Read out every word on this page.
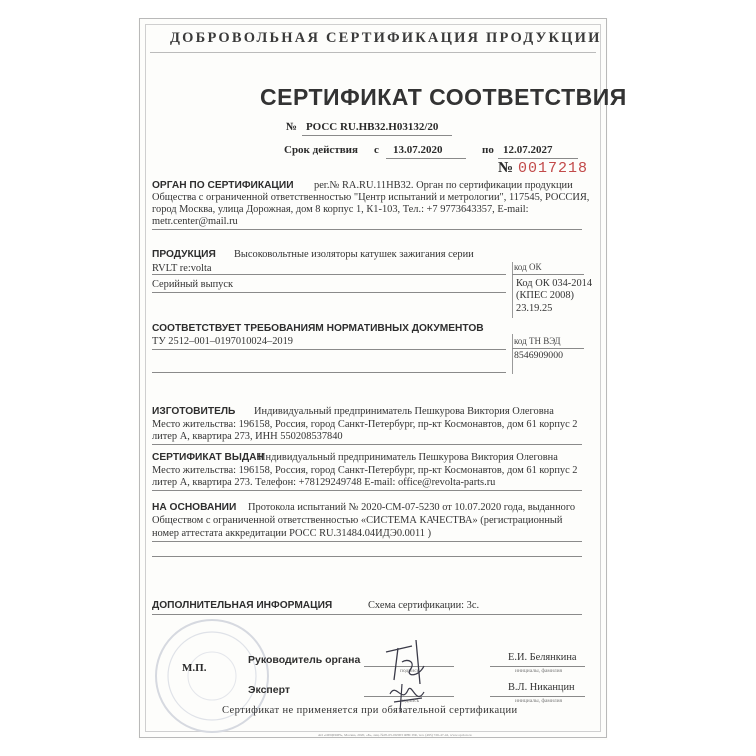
ДОБРОВОЛЬНАЯ СЕРТИФИКАЦИЯ ПРОДУКЦИИ
СЕРТИФИКАТ СООТВЕТСТВИЯ
№ РОСС RU.НВ32.Н03132/20
Срок действия с 13.07.2020	по 12.07.2027
№ 0017218
ОРГАН ПО СЕРТИФИКАЦИИ рег.№ RA.RU.11НВ32. Орган по сертификации продукции
Общества с ограниченной ответственностью "Центр испытаний и метрологии", 117545, РОССИЯ,
город Москва, улица Дорожная, дом 8 корпус 1, К1-103, Тел.: +7 9773643357, E-mail:
metr.center@mail.ru
ПРОДУКЦИЯ Высоковольтные изоляторы катушек зажигания серии
RVLT re:volta
Серийный выпуск
код ОК
Код ОК 034-2014
(КПЕС 2008)
23.19.25
СООТВЕТСТВУЕТ ТРЕБОВАНИЯМ НОРМАТИВНЫХ ДОКУМЕНТОВ
ТУ 2512–001–0197010024–2019	код ТН ВЭД
8546909000
ИЗГОТОВИТЕЛЬ Индивидуальный предприниматель Пешкурова Виктория Олеговна
Место жительства: 196158, Россия, город Санкт-Петербург, пр-кт Космонавтов, дом 61 корпус 2
литер А, квартира 273, ИНН 550208537840
СЕРТИФИКАТ ВЫДАН
Индивидуальный предприниматель Пешкурова Виктория Олеговна
Место жительства: 196158, Россия, город Санкт-Петербург, пр-кт Космонавтов, дом 61 корпус 2
литер А, квартира 273. Телефон: +78129249748 E-mail: office@revolta-parts.ru
НА ОСНОВАНИИ Протокола испытаний № 2020-СМ-07-5230 от 10.07.2020 года, выданного
Обществом с ограниченной ответственностью «СИСТЕМА КАЧЕСТВА» (регистрационный
номер аттестата аккредитации РОСС RU.31484.04ИДЭ0.0011 )
ДОПОЛНИТЕЛЬНАЯ ИНФОРМАЦИЯ	Схема сертификации: 3с.
М.П.
Руководитель органа
подпись
Е.И. Белянкина
инициалы, фамилия
Эксперт
подпись
В.Л. Никанцин
инициалы, фамилия
Сертификат не применяется при обязательной сертификации
АО «ОПЦИОН», Москва, 2020, «Б», лиц. №05-05-09/003 ФНС РФ, тел. (495) 726-47-42, www.opcion.ru
